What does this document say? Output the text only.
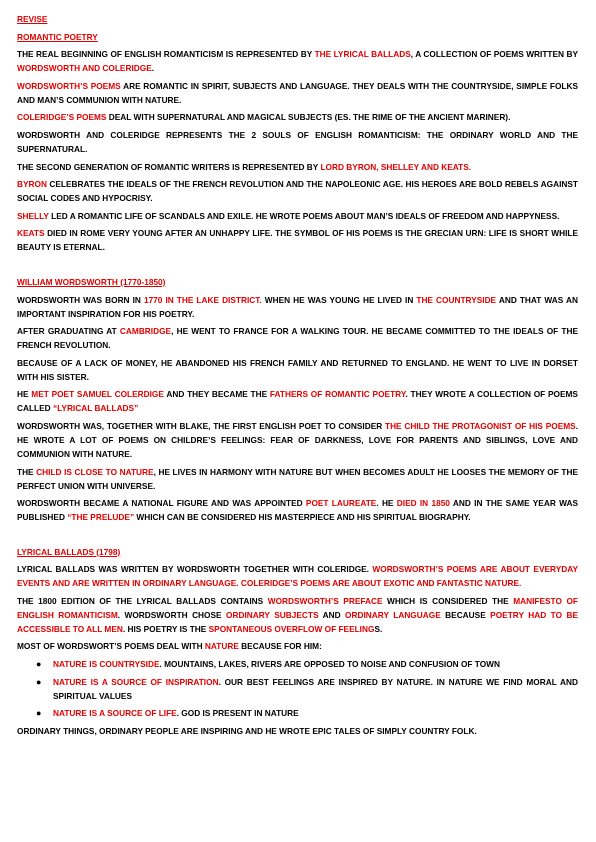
REVISE
ROMANTIC POETRY
THE REAL BEGINNING OF ENGLISH ROMANTICISM IS REPRESENTED BY THE LYRICAL BALLADS, A COLLECTION OF POEMS WRITTEN BY WORDSWORTH AND COLERIDGE.
WORDSWORTH’S POEMS ARE ROMANTIC IN SPIRIT, SUBJECTS AND LANGUAGE. THEY DEALS WITH THE COUNTRYSIDE, SIMPLE FOLKS AND MAN’S COMMUNION WITH NATURE.
COLERIDGE’S POEMS DEAL WITH SUPERNATURAL AND MAGICAL SUBJECTS (ES. THE RIME OF THE ANCIENT MARINER).
WORDSWORTH AND COLERIDGE REPRESENTS THE 2 SOULS OF ENGLISH ROMANTICISM: THE ORDINARY WORLD AND THE SUPERNATURAL.
THE SECOND GENERATION OF ROMANTIC WRITERS IS REPRESENTED BY LORD BYRON, SHELLEY AND KEATS.
BYRON CELEBRATES THE IDEALS OF THE FRENCH REVOLUTION AND THE NAPOLEONIC AGE. HIS HEROES ARE BOLD REBELS AGAINST SOCIAL CODES AND HYPOCRISY.
SHELLY LED A ROMANTIC LIFE OF SCANDALS AND EXILE. HE WROTE POEMS ABOUT MAN’S IDEALS OF FREEDOM AND HAPPYNESS.
KEATS DIED IN ROME VERY YOUNG AFTER AN UNHAPPY LIFE. THE SYMBOL OF HIS POEMS IS THE GRECIAN URN: LIFE IS SHORT WHILE BEAUTY IS ETERNAL.
WILLIAM WORDSWORTH (1770-1850)
WORDSWORTH WAS BORN IN 1770 IN THE LAKE DISTRICT. WHEN HE WAS YOUNG HE LIVED IN THE COUNTRYSIDE AND THAT WAS AN IMPORTANT INSPIRATION FOR HIS POETRY.
AFTER GRADUATING AT CAMBRIDGE, HE WENT TO FRANCE FOR A WALKING TOUR. HE BECAME COMMITTED TO THE IDEALS OF THE FRENCH REVOLUTION.
BECAUSE OF A LACK OF MONEY, HE ABANDONED HIS FRENCH FAMILY AND RETURNED TO ENGLAND. HE WENT TO LIVE IN DORSET WITH HIS SISTER.
HE MET POET SAMUEL COLERDIGE AND THEY BECAME THE FATHERS OF ROMANTIC POETRY. THEY WROTE A COLLECTION OF POEMS CALLED “LYRICAL BALLADS”
WORDSWORTH WAS, TOGETHER WITH BLAKE, THE FIRST ENGLISH POET TO CONSIDER THE CHILD THE PROTAGONIST OF HIS POEMS. HE WROTE A LOT OF POEMS ON CHILDRE’S FEELINGS: FEAR OF DARKNESS, LOVE FOR PARENTS AND SIBLINGS, LOVE AND COMMUNION WITH NATURE.
THE CHILD IS CLOSE TO NATURE, HE LIVES IN HARMONY WITH NATURE BUT WHEN BECOMES ADULT HE LOOSES THE MEMORY OF THE PERFECT UNION WITH UNIVERSE.
WORDSWORTH BECAME A NATIONAL FIGURE AND WAS APPOINTED POET LAUREATE. HE DIED IN 1850 AND IN THE SAME YEAR WAS PUBLISHED “THE PRELUDE” WHICH CAN BE CONSIDERED HIS MASTERPIECE AND HIS SPIRITUAL BIOGRAPHY.
LYRICAL BALLADS (1798)
LYRICAL BALLADS WAS WRITTEN BY WORDSWORTH TOGETHER WITH COLERIDGE. WORDSWORTH’S POEMS ARE ABOUT EVERYDAY EVENTS AND ARE WRITTEN IN ORDINARY LANGUAGE. COLERIDGE’S POEMS ARE ABOUT EXOTIC AND FANTASTIC NATURE.
THE 1800 EDITION OF THE LYRICAL BALLADS CONTAINS WORDSWORTH’S PREFACE WHICH IS CONSIDERED THE MANIFESTO OF ENGLISH ROMANTICISM. WORDSWORTH CHOSE ORDINARY SUBJECTS AND ORDINARY LANGUAGE BECAUSE POETRY HAD TO BE ACCESSIBLE TO ALL MEN. HIS POETRY IS THE SPONTANEOUS OVERFLOW OF FEELINGS.
MOST OF WORDSWORT’S POEMS DEAL WITH NATURE BECAUSE FOR HIM:
● NATURE IS COUNTRYSIDE. MOUNTAINS, LAKES, RIVERS ARE OPPOSED TO NOISE AND CONFUSION OF TOWN
● NATURE IS A SOURCE OF INSPIRATION. OUR BEST FEELINGS ARE INSPIRED BY NATURE. IN NATURE WE FIND MORAL AND SPIRITUAL VALUES
● NATURE IS A SOURCE OF LIFE. GOD IS PRESENT IN NATURE
ORDINARY THINGS, ORDINARY PEOPLE ARE INSPIRING AND HE WROTE EPIC TALES OF SIMPLY COUNTRY FOLK.
